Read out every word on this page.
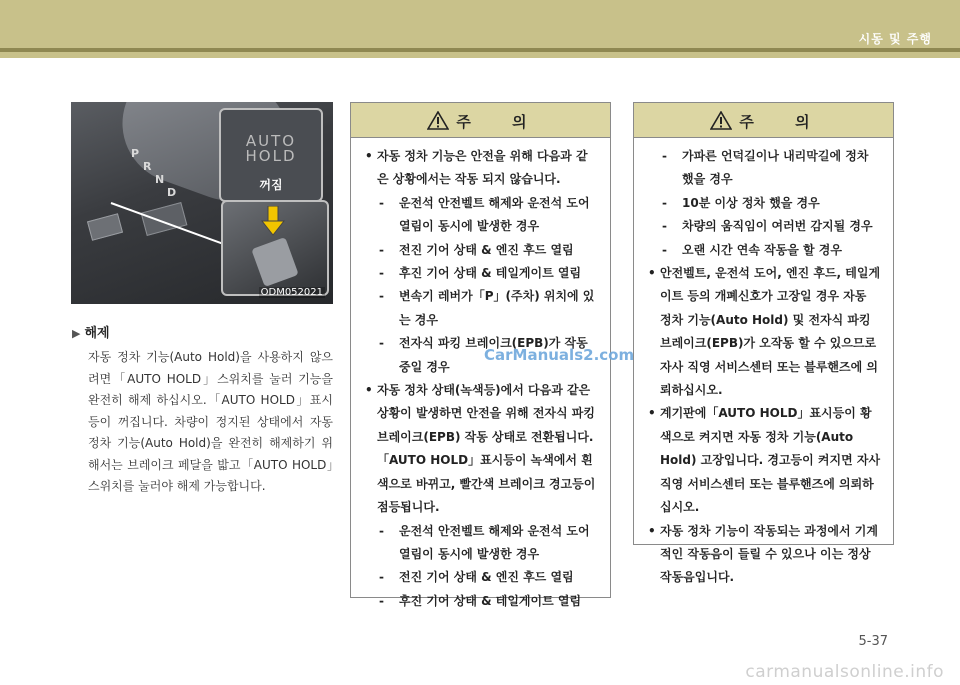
시동 및 주행
P
R
N
D
AUTO
HOLD
꺼짐
ODM052021
▶ 해제
자동 정차 기능(Auto Hold)을 사용하지 않으려면「AUTO HOLD」스위치를 눌러 기능을 완전히 해제 하십시오.「AUTO HOLD」표시등이 꺼집니다. 차량이 정지된 상태에서 자동 정차 기능(Auto Hold)을 완전히 해제하기 위해서는 브레이크 페달을 밟고「AUTO HOLD」스위치를 눌러야 해제 가능합니다.
주 의
• 자동 정차 기능은 안전을 위해 다음과 같은 상황에서는 작동 되지 않습니다.
- 운전석 안전벨트 해제와 운전석 도어 열림이 동시에 발생한 경우
- 전진 기어 상태 & 엔진 후드 열림
- 후진 기어 상태 & 테일게이트 열림
- 변속기 레버가「P」(주차) 위치에 있는 경우
- 전자식 파킹 브레이크(EPB)가 작동 중일 경우
• 자동 정차 상태(녹색등)에서 다음과 같은 상황이 발생하면 안전을 위해 전자식 파킹 브레이크(EPB) 작동 상태로 전환됩니다.「AUTO HOLD」표시등이 녹색에서 흰색으로 바뀌고, 빨간색 브레이크 경고등이 점등됩니다.
- 운전석 안전벨트 해제와 운전석 도어 열림이 동시에 발생한 경우
- 전진 기어 상태 & 엔진 후드 열림
- 후진 기어 상태 & 테일게이트 열림
주 의
- 가파른 언덕길이나 내리막길에 정차 했을 경우
- 10분 이상 정차 했을 경우
- 차량의 움직임이 여러번 감지될 경우
- 오랜 시간 연속 작동을 할 경우
• 안전벨트, 운전석 도어, 엔진 후드, 테일게이트 등의 개폐신호가 고장일 경우 자동 정차 기능(Auto Hold) 및 전자식 파킹 브레이크(EPB)가 오작동 할 수 있으므로 자사 직영 서비스센터 또는 블루핸즈에 의뢰하십시오.
• 계기판에「AUTO HOLD」표시등이 황색으로 켜지면 자동 정차 기능(Auto Hold) 고장입니다. 경고등이 켜지면 자사 직영 서비스센터 또는 블루핸즈에 의뢰하십시오.
• 자동 정차 기능이 작동되는 과정에서 기계적인 작동음이 들릴 수 있으나 이는 정상 작동음입니다.
CarManuals2.com
5-37
carmanualsonline.info
